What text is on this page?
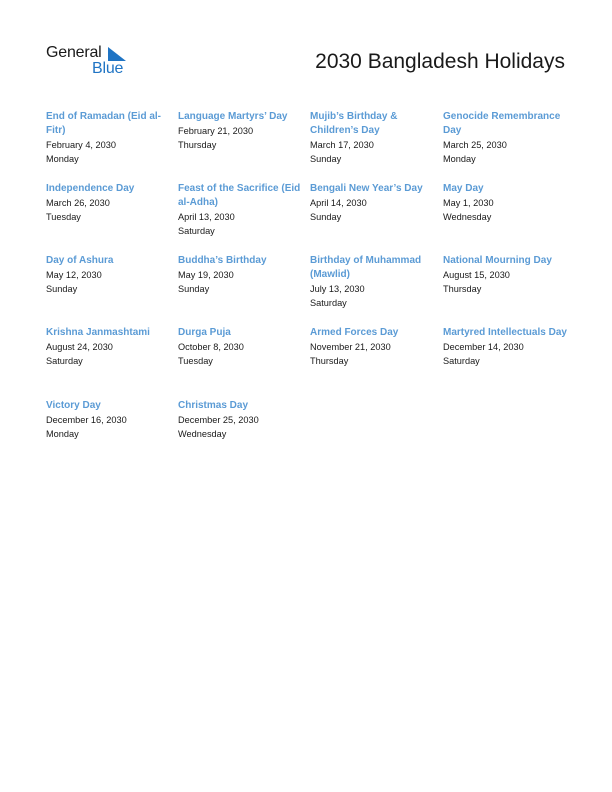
General
Blue	2030 Bangladesh Holidays
End of Ramadan (Eid al-Fitr)
February 4, 2030
Monday
Language Martyrs’ Day
February 21, 2030
Thursday
Mujib’s Birthday & Children’s Day
March 17, 2030
Sunday
Genocide Remembrance Day
March 25, 2030
Monday
Independence Day
March 26, 2030
Tuesday
Feast of the Sacrifice (Eid al-Adha)
April 13, 2030
Saturday
Bengali New Year’s Day
April 14, 2030
Sunday
May Day
May 1, 2030
Wednesday
Day of Ashura
May 12, 2030
Sunday
Buddha’s Birthday
May 19, 2030
Sunday
Birthday of Muhammad (Mawlid)
July 13, 2030
Saturday
National Mourning Day
August 15, 2030
Thursday
Krishna Janmashtami
August 24, 2030
Saturday
Durga Puja
October 8, 2030
Tuesday
Armed Forces Day
November 21, 2030
Thursday
Martyred Intellectuals Day
December 14, 2030
Saturday
Victory Day
December 16, 2030
Monday
Christmas Day
December 25, 2030
Wednesday
